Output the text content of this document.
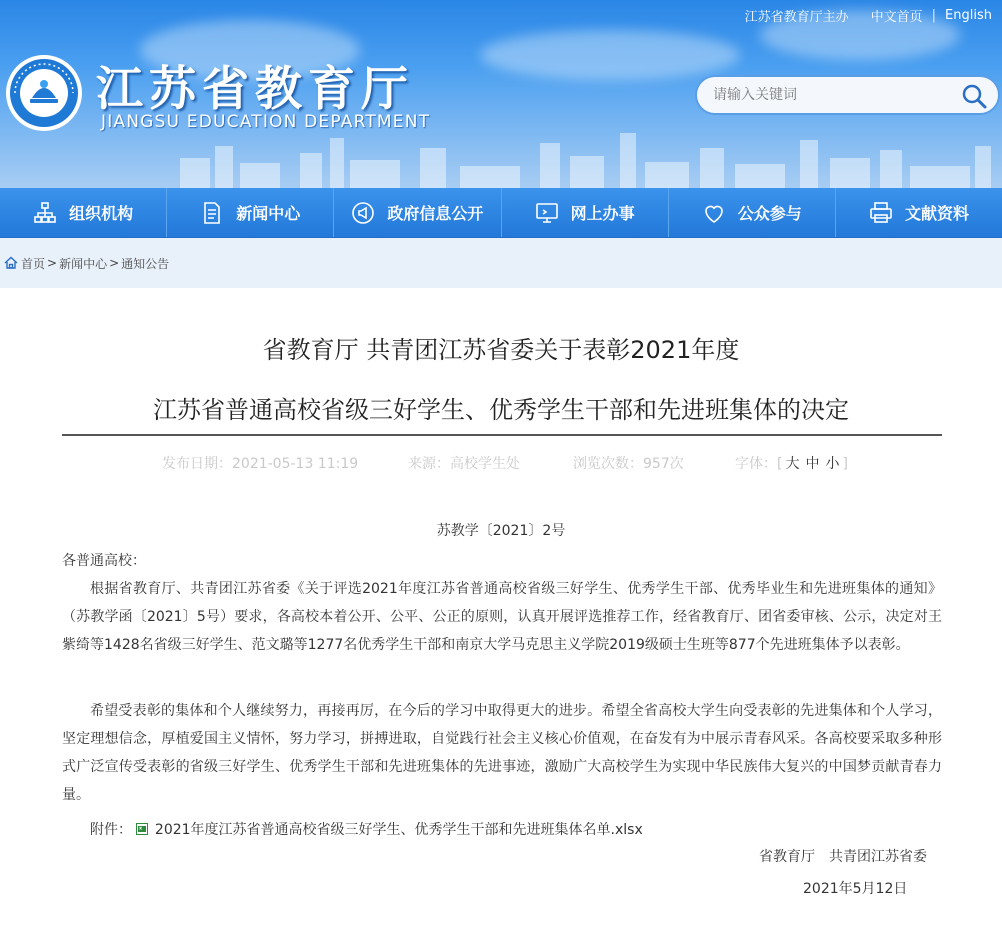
江苏省教育厅主办 中文首页 | English
江苏省教育厅
JIANGSU EDUCATION DEPARTMENT
请输入关键词
组织机构	新闻中心	政府信息公开	网上办事	公众参与	文献资料
首页 > 新闻中心 > 通知公告
省教育厅 共青团江苏省委关于表彰2021年度
江苏省普通高校省级三好学生、优秀学生干部和先进班集体的决定
发布日期：2021-05-13 11:19	来源：高校学生处	浏览次数：957次	字体：[ 大 中 小 ]
苏教学〔2021〕2号
各普通高校：
根据省教育厅、共青团江苏省委《关于评选2021年度江苏省普通高校省级三好学生、优秀学生干部、优秀毕业生和先进班集体的通知》（苏教学函〔2021〕5号）要求，各高校本着公开、公平、公正的原则，认真开展评选推荐工作，经省教育厅、团省委审核、公示，决定对王紫绮等1428名省级三好学生、范文璐等1277名优秀学生干部和南京大学马克思主义学院2019级硕士生班等877个先进班集体予以表彰。
希望受表彰的集体和个人继续努力，再接再厉，在今后的学习中取得更大的进步。希望全省高校大学生向受表彰的先进集体和个人学习，坚定理想信念，厚植爱国主义情怀，努力学习，拼搏进取，自觉践行社会主义核心价值观，在奋发有为中展示青春风采。各高校要采取多种形式广泛宣传受表彰的省级三好学生、优秀学生干部和先进班集体的先进事迹，激励广大高校学生为实现中华民族伟大复兴的中国梦贡献青春力量。
附件： 2021年度江苏省普通高校省级三好学生、优秀学生干部和先进班集体名单.xlsx
省教育厅　共青团江苏省委
2021年5月12日
